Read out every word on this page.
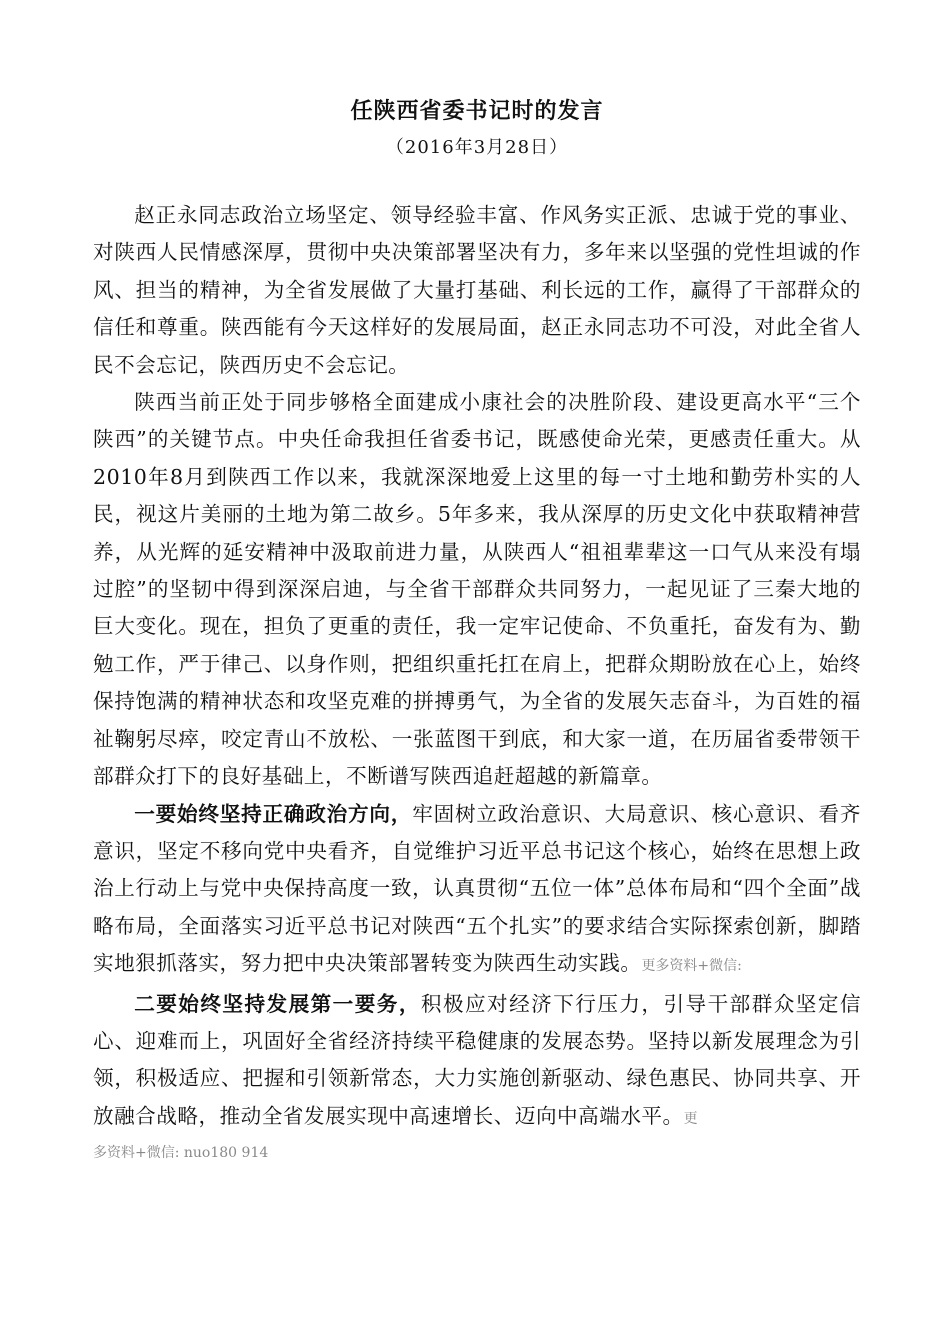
任陕西省委书记时的发言

（2016年3月28日）

赵正永同志政治立场坚定、领导经验丰富、作风务实正派、忠诚于党的事业、对陕西人民情感深厚，贯彻中央决策部署坚决有力，多年来以坚强的党性坦诚的作风、担当的精神，为全省发展做了大量打基础、利长远的工作，赢得了干部群众的信任和尊重。陕西能有今天这样好的发展局面，赵正永同志功不可没，对此全省人民不会忘记，陕西历史不会忘记。

陕西当前正处于同步够格全面建成小康社会的决胜阶段、建设更高水平“三个陕西”的关键节点。中央任命我担任省委书记，既感使命光荣，更感责任重大。从2010年8月到陕西工作以来，我就深深地爱上这里的每一寸土地和勤劳朴实的人民，视这片美丽的土地为第二故乡。5年多来，我从深厚的历史文化中获取精神营养，从光辉的延安精神中汲取前进力量，从陕西人“祖祖辈辈这一口气从来没有塌过腔”的坚韧中得到深深启迪，与全省干部群众共同努力，一起见证了三秦大地的巨大变化。现在，担负了更重的责任，我一定牢记使命、不负重托，奋发有为、勤勉工作，严于律己、以身作则，把组织重托扛在肩上，把群众期盼放在心上，始终保持饱满的精神状态和攻坚克难的拼搏勇气，为全省的发展矢志奋斗，为百姓的福祉鞠躬尽瘁，咬定青山不放松、一张蓝图干到底，和大家一道，在历届省委带领干部群众打下的良好基础上，不断谱写陕西追赶超越的新篇章。

一要始终坚持正确政治方向，牢固树立政治意识、大局意识、核心意识、看齐意识，坚定不移向党中央看齐，自觉维护习近平总书记这个核心，始终在思想上政治上行动上与党中央保持高度一致，认真贯彻“五位一体”总体布局和“四个全面”战略布局，全面落实习近平总书记对陕西“五个扎实”的要求结合实际探索创新，脚踏实地狠抓落实，努力把中央决策部署转变为陕西生动实践。更多资料+微信:

二要始终坚持发展第一要务，积极应对经济下行压力，引导干部群众坚定信心、迎难而上，巩固好全省经济持续平稳健康的发展态势。坚持以新发展理念为引领，积极适应、把握和引领新常态，大力实施创新驱动、绿色惠民、协同共享、开放融合战略，推动全省发展实现中高速增长、迈向中高端水平。更

多资料+微信: nuo180 914
